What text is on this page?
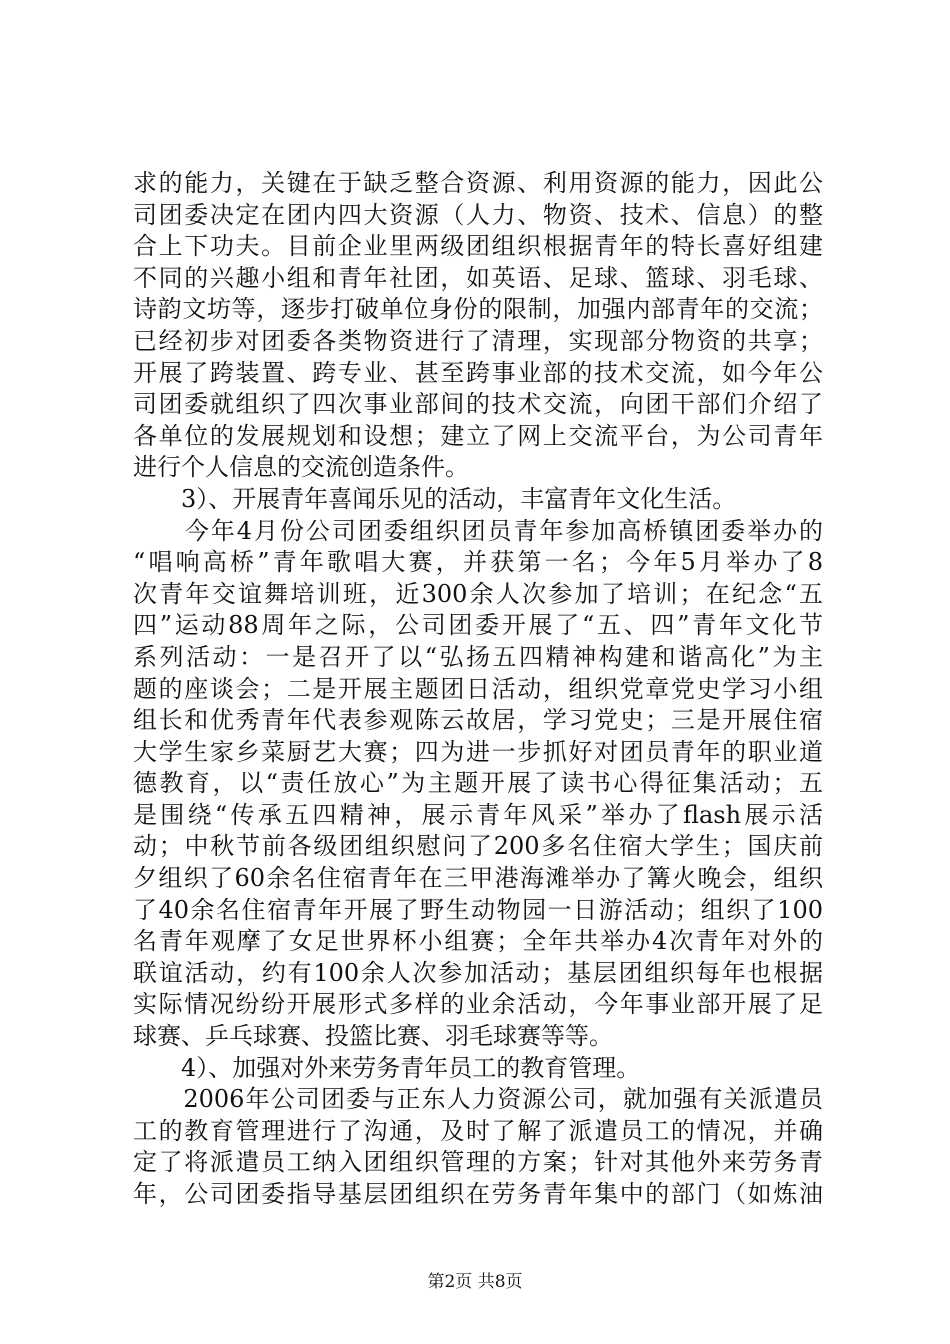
求的能力，关键在于缺乏整合资源、利用资源的能力，因此公
司团委决定在团内四大资源（人力、物资、技术、信息）的整
合上下功夫。目前企业里两级团组织根据青年的特长喜好组建
不同的兴趣小组和青年社团，如英语、足球、篮球、羽毛球、
诗韵文坊等，逐步打破单位身份的限制，加强内部青年的交流；
已经初步对团委各类物资进行了清理，实现部分物资的共享；
开展了跨装置、跨专业、甚至跨事业部的技术交流，如今年公
司团委就组织了四次事业部间的技术交流，向团干部们介绍了
各单位的发展规划和设想；建立了网上交流平台，为公司青年
进行个人信息的交流创造条件。
　　3）、开展青年喜闻乐见的活动，丰富青年文化生活。
　　今年4月份公司团委组织团员青年参加高桥镇团委举办的
“唱响高桥”青年歌唱大赛，并获第一名；今年5月举办了8
次青年交谊舞培训班，近300余人次参加了培训；在纪念“五
四”运动88周年之际，公司团委开展了“五、四”青年文化节
系列活动：一是召开了以“弘扬五四精神构建和谐高化”为主
题的座谈会；二是开展主题团日活动，组织党章党史学习小组
组长和优秀青年代表参观陈云故居，学习党史；三是开展住宿
大学生家乡菜厨艺大赛；四为进一步抓好对团员青年的职业道
德教育，以“责任放心”为主题开展了读书心得征集活动；五
是围绕“传承五四精神，展示青年风采”举办了flash展示活
动；中秋节前各级团组织慰问了200多名住宿大学生；国庆前
夕组织了60余名住宿青年在三甲港海滩举办了篝火晚会，组织
了40余名住宿青年开展了野生动物园一日游活动；组织了100
名青年观摩了女足世界杯小组赛；全年共举办4次青年对外的
联谊活动，约有100余人次参加活动；基层团组织每年也根据
实际情况纷纷开展形式多样的业余活动，今年事业部开展了足
球赛、乒乓球赛、投篮比赛、羽毛球赛等等。
　　4）、加强对外来劳务青年员工的教育管理。
　　2006年公司团委与正东人力资源公司，就加强有关派遣员
工的教育管理进行了沟通，及时了解了派遣员工的情况，并确
定了将派遣员工纳入团组织管理的方案；针对其他外来劳务青
年，公司团委指导基层团组织在劳务青年集中的部门（如炼油
第2页 共8页
